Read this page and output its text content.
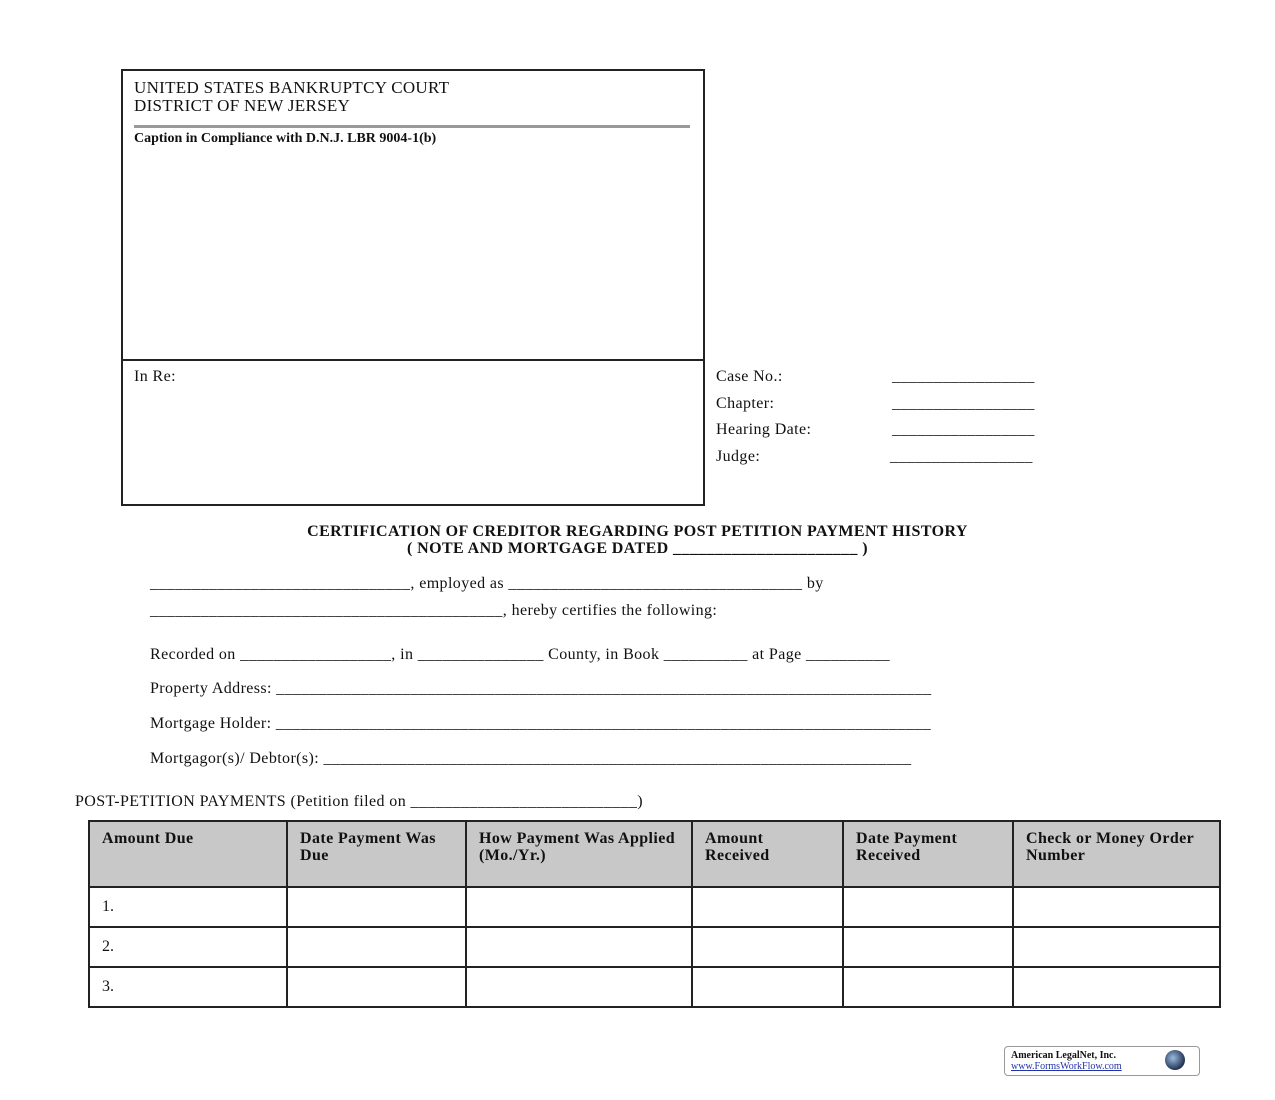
UNITED STATES BANKRUPTCY COURT
DISTRICT OF NEW JERSEY
Caption in Compliance with D.N.J. LBR 9004-1(b)
In Re:	Case No.:	_________________
Chapter:	_________________
Hearing Date:	_________________
Judge:	_________________
CERTIFICATION OF CREDITOR REGARDING POST PETITION PAYMENT HISTORY
( NOTE AND MORTGAGE DATED ______________________ )
_______________________________, employed as ___________________________________ by
__________________________________________, hereby certifies the following:
Recorded on __________________, in _______________ County, in Book __________ at Page __________
Property Address: ______________________________________________________________________________
Mortgage Holder: ______________________________________________________________________________
Mortgagor(s)/ Debtor(s): ______________________________________________________________________
POST-PETITION PAYMENTS (Petition filed on ___________________________)
Amount Due	Date Payment Was Due	How Payment Was Applied (Mo./Yr.)	Amount Received	Date Payment Received	Check or Money Order Number
1.					
2.					
3.					
American LegalNet, Inc.
www.FormsWorkFlow.com
